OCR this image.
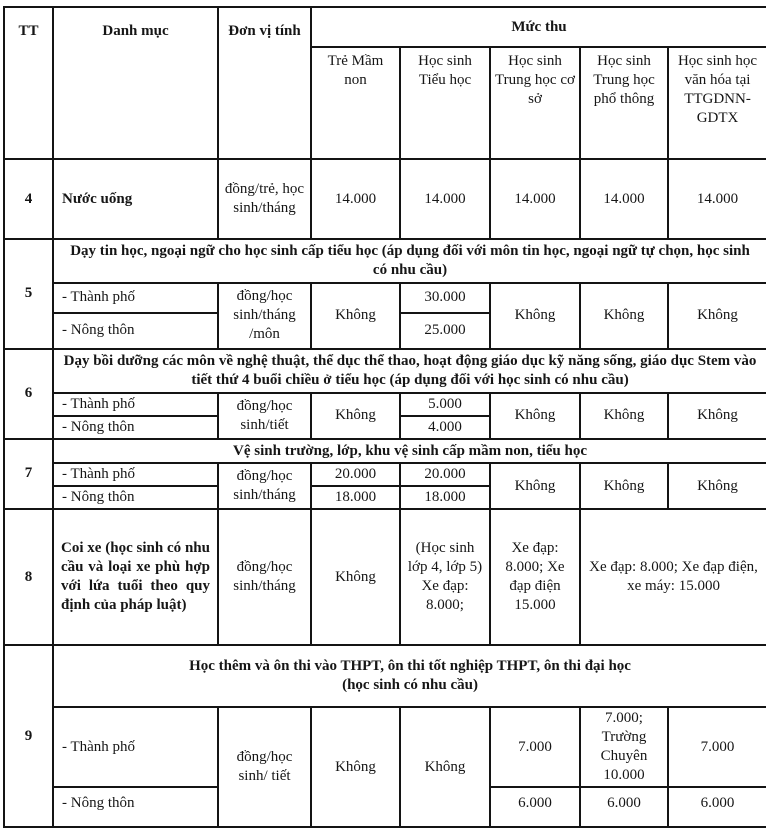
TT	Danh mục	Đơn vị tính	Mức thu				
			Trẻ Mầm non	Học sinh Tiểu học	Học sinh Trung học cơ sở	Học sinh Trung học phổ thông	Học sinh học văn hóa tại TTGDNN-GDTX
4	Nước uống	đồng/trẻ, học sinh/tháng	14.000	14.000	14.000	14.000	14.000
5	Dạy tin học, ngoại ngữ cho học sinh cấp tiểu học (áp dụng đối với môn tin học, ngoại ngữ tự chọn, học sinh có nhu cầu)						
	- Thành phố	đồng/học sinh/tháng /môn	Không	30.000	Không	Không	Không
	- Nông thôn			25.000			
6	Dạy bồi dưỡng các môn về nghệ thuật, thể dục thể thao, hoạt động giáo dục kỹ năng sống, giáo dục Stem vào tiết thứ 4 buổi chiều ở tiểu học (áp dụng đối với học sinh có nhu cầu)						
	- Thành phố	đồng/học sinh/tiết	Không	5.000	Không	Không	Không
	- Nông thôn			4.000			
7	Vệ sinh trường, lớp, khu vệ sinh cấp mầm non, tiểu học						
	- Thành phố	đồng/học sinh/tháng	20.000	20.000	Không	Không	Không
	- Nông thôn		18.000	18.000			
8	Coi xe (học sinh có nhu cầu và loại xe phù hợp với lứa tuổi theo quy định của pháp luật)	đồng/học sinh/tháng	Không	(Học sinh lớp 4, lớp 5) Xe đạp: 8.000;	Xe đạp: 8.000; Xe đạp điện 15.000	Xe đạp: 8.000; Xe đạp điện, xe máy: 15.000	
9	Học thêm và ôn thi vào THPT, ôn thi tốt nghiệp THPT, ôn thi đại học
(học sinh có nhu cầu)						

	- Thành phố	đồng/học sinh/ tiết	Không	Không	7.000	7.000; Trường Chuyên 10.000	7.000
	- Nông thôn				6.000	6.000	6.000
